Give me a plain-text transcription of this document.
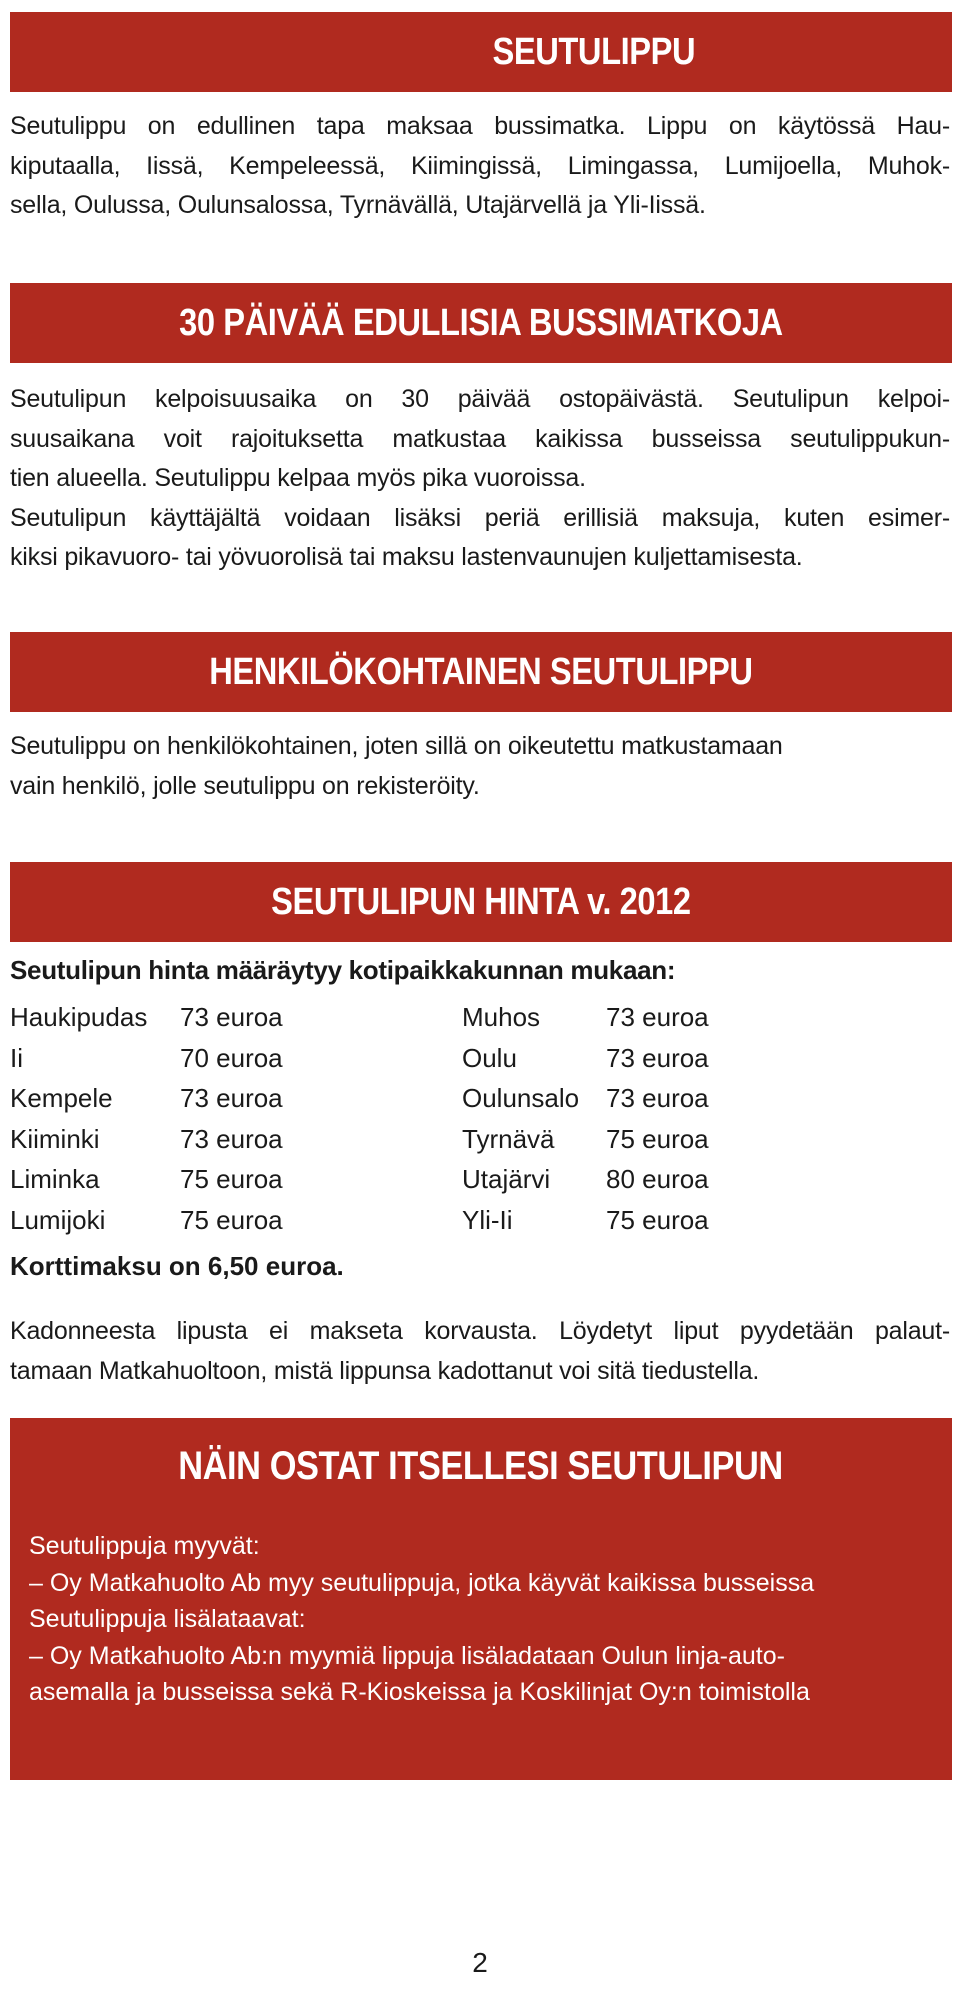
SEUTULIPPU
Seutulippu on edullinen tapa maksaa bussimatka. Lippu on käytössä Hau-
kiputaalla, Iissä, Kempeleessä, Kiimingissä, Limingassa, Lumijoella, Muhok-
sella, Oulussa, Oulunsalossa, Tyrnävällä, Utajärvellä ja Yli-Iissä.
30 PÄIVÄÄ EDULLISIA BUSSIMATKOJA
Seutulipun kelpoisuusaika on 30 päivää ostopäivästä. Seutulipun kelpoi-
suusaikana voit rajoituksetta matkustaa kaikissa busseissa seutulippukun-
tien alueella. Seutulippu kelpaa myös pika vuoroissa.
Seutulipun käyttäjältä voidaan lisäksi periä erillisiä maksuja, kuten esimer-
kiksi pikavuoro- tai yövuorolisä tai maksu lastenvaunujen kuljettamisesta.
HENKILÖKOHTAINEN SEUTULIPPU
Seutulippu on henkilökohtainen, joten sillä on oikeutettu matkustamaan
vain henkilö, jolle seutulippu on rekisteröity.
SEUTULIPUN HINTA v. 2012
Seutulipun hinta määräytyy kotipaikkakunnan mukaan:
Haukipudas 73 euroa	Muhos	73 euroa
Ii	70 euroa	Oulu	73 euroa
Kempele	73 euroa	Oulunsalo 73 euroa
Kiiminki	73 euroa	Tyrnävä 75 euroa
Liminka	75 euroa	Utajärvi 80 euroa
Lumijoki	75 euroa	Yli-Ii	75 euroa
Korttimaksu on 6,50 euroa.
Kadonneesta lipusta ei makseta korvausta. Löydetyt liput pyydetään palaut-
tamaan Matkahuoltoon, mistä lippunsa kadottanut voi sitä tiedustella.
NÄIN OSTAT ITSELLESI SEUTULIPUN
Seutulippuja myyvät:
– Oy Matkahuolto Ab myy seutulippuja, jotka käyvät kaikissa busseissa
Seutulippuja lisälataavat:
– Oy Matkahuolto Ab:n myymiä lippuja lisäladataan Oulun linja-auto-
asemalla ja busseissa sekä R-Kioskeissa ja Koskilinjat Oy:n toimistolla
2
